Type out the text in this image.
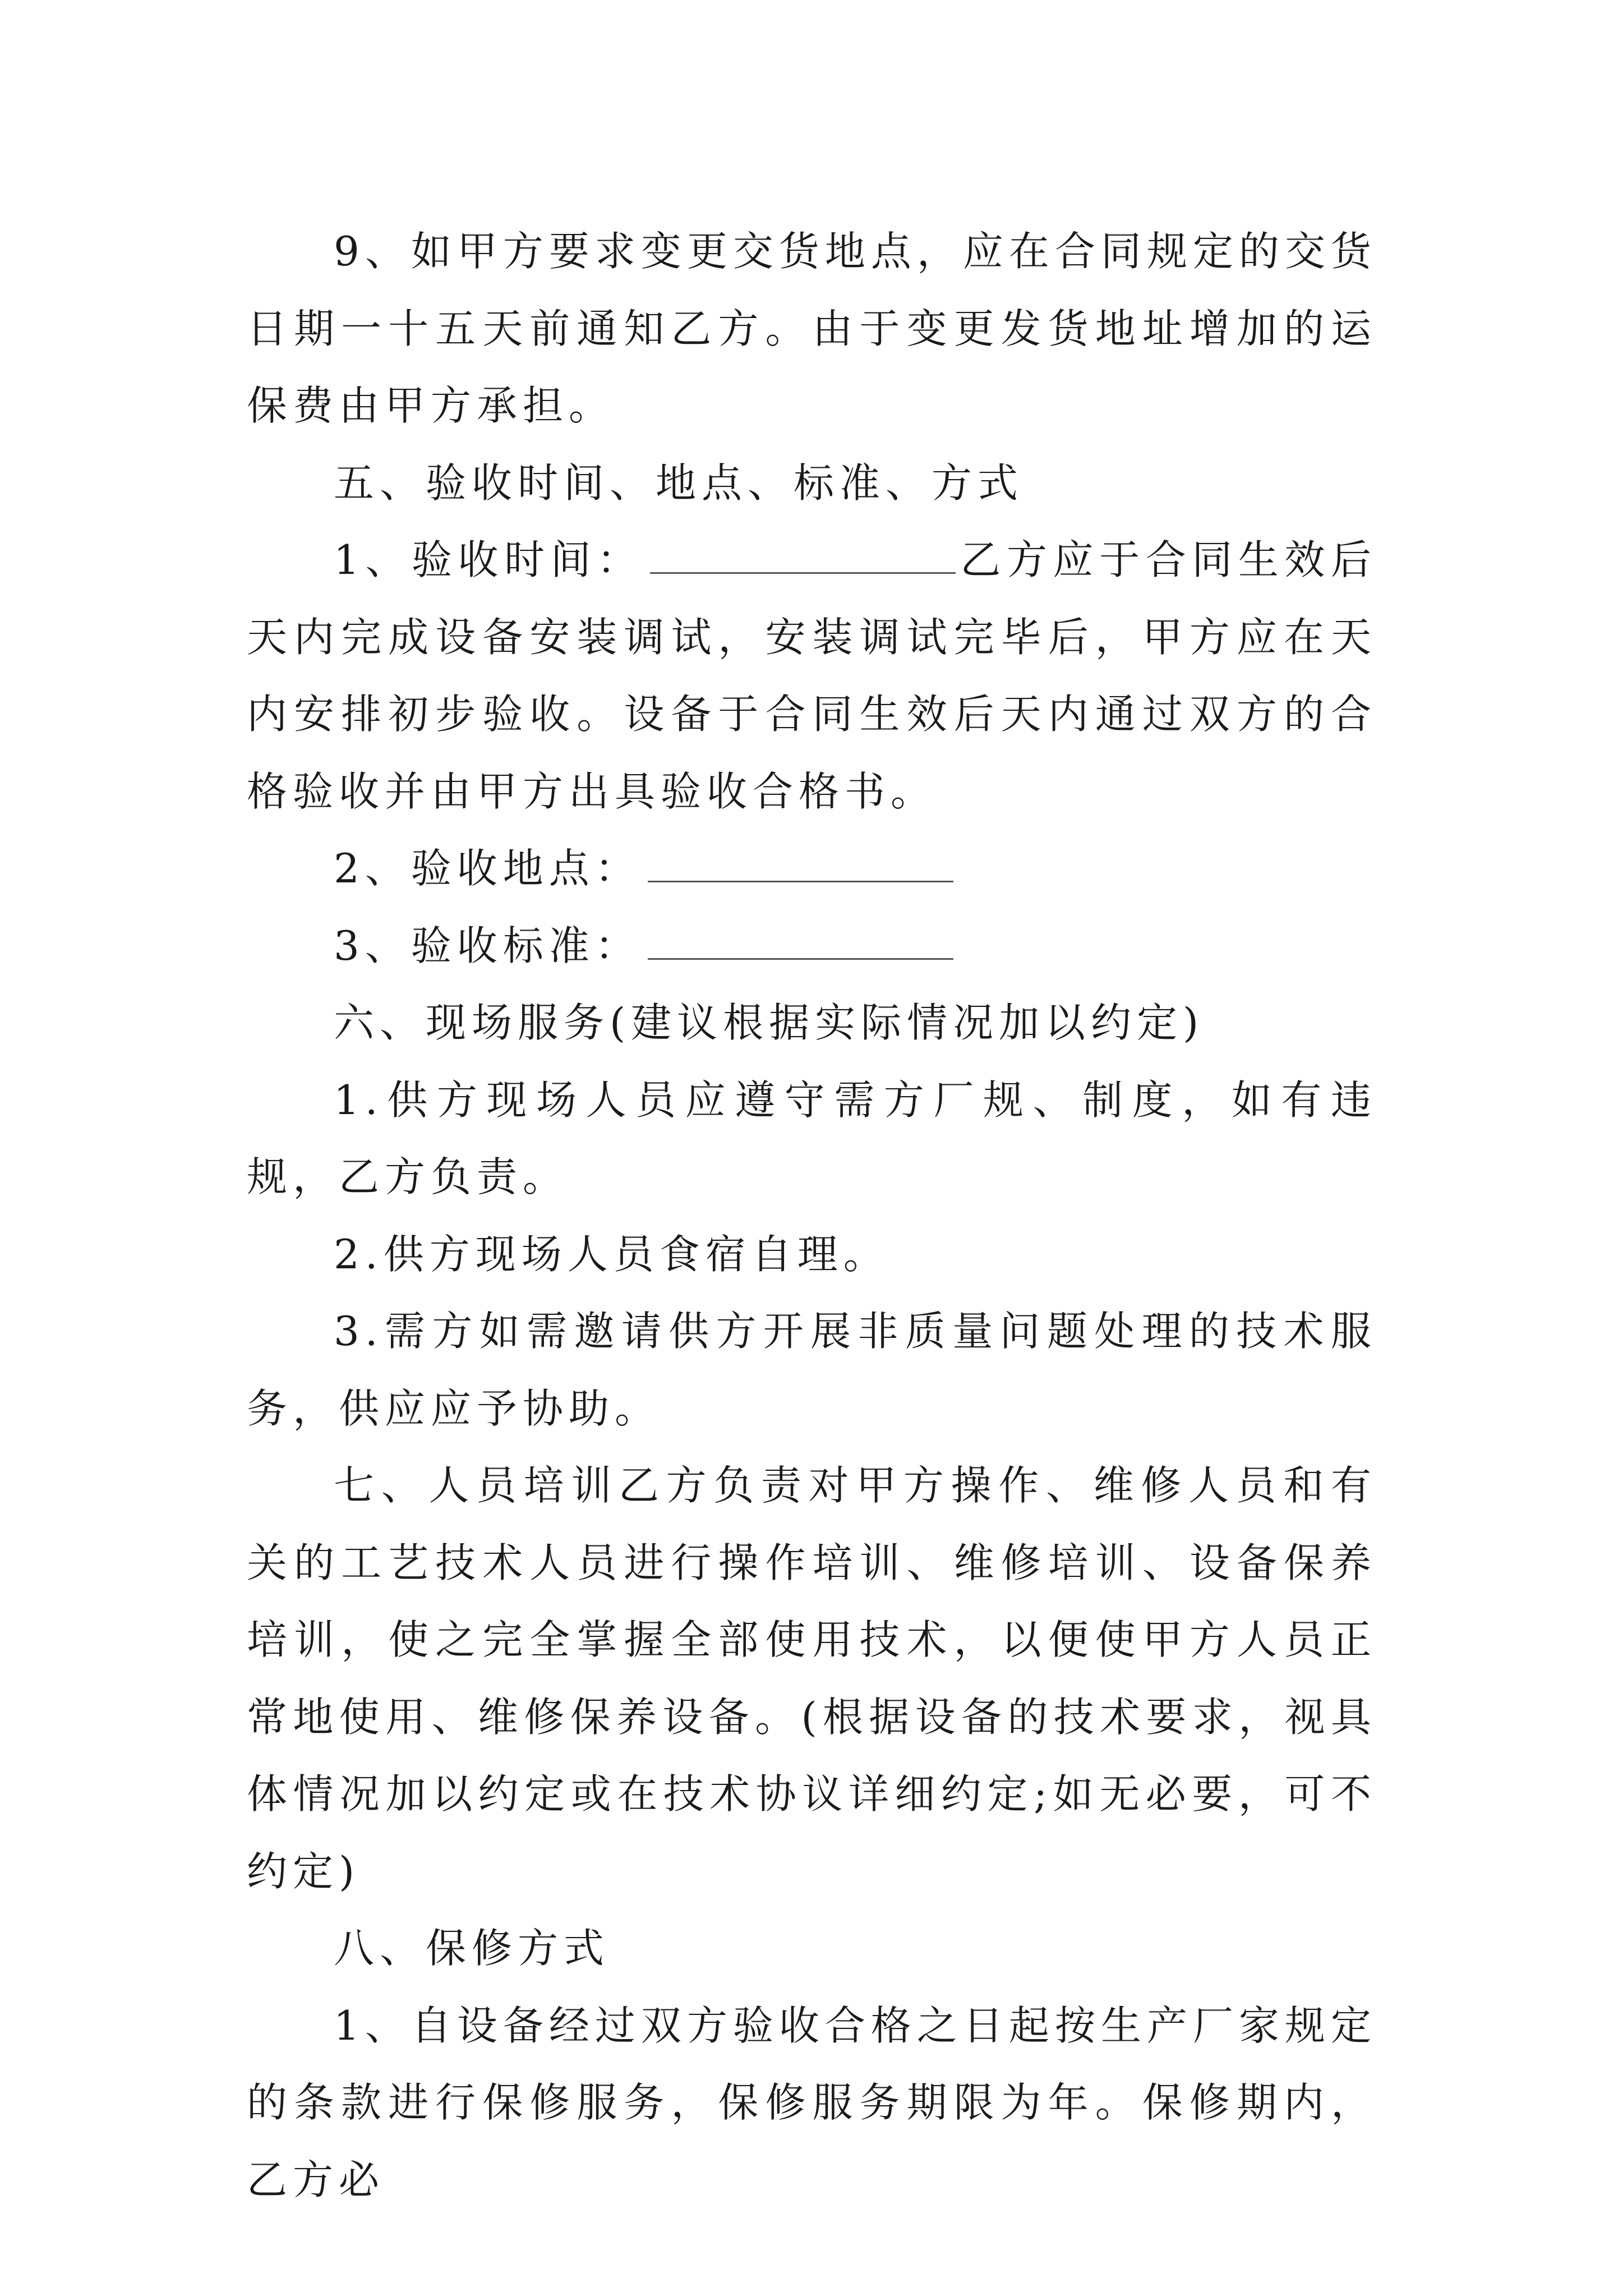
9、如甲方要求变更交货地点，应在合同规定的交货日期一十五天前通知乙方。由于变更发货地址增加的运保费由甲方承担。

五、验收时间、地点、标准、方式

1、验收时间：	乙方应于合同生效后天内完成设备安装调试，安装调试完毕后，甲方应在天内安排初步验收。设备于合同生效后天内通过双方的合格验收并由甲方出具验收合格书。

2、验收地点：

3、验收标准：

六、现场服务(建议根据实际情况加以约定)

1.供方现场人员应遵守需方厂规、制度，如有违规，乙方负责。

2.供方现场人员食宿自理。

3.需方如需邀请供方开展非质量问题处理的技术服务，供应应予协助。

七、人员培训乙方负责对甲方操作、维修人员和有关的工艺技术人员进行操作培训、维修培训、设备保养培训，使之完全掌握全部使用技术，以便使甲方人员正常地使用、维修保养设备。(根据设备的技术要求，视具体情况加以约定或在技术协议详细约定;如无必要，可不约定)

八、保修方式

1、自设备经过双方验收合格之日起按生产厂家规定的条款进行保修服务，保修服务期限为年。保修期内，乙方必
